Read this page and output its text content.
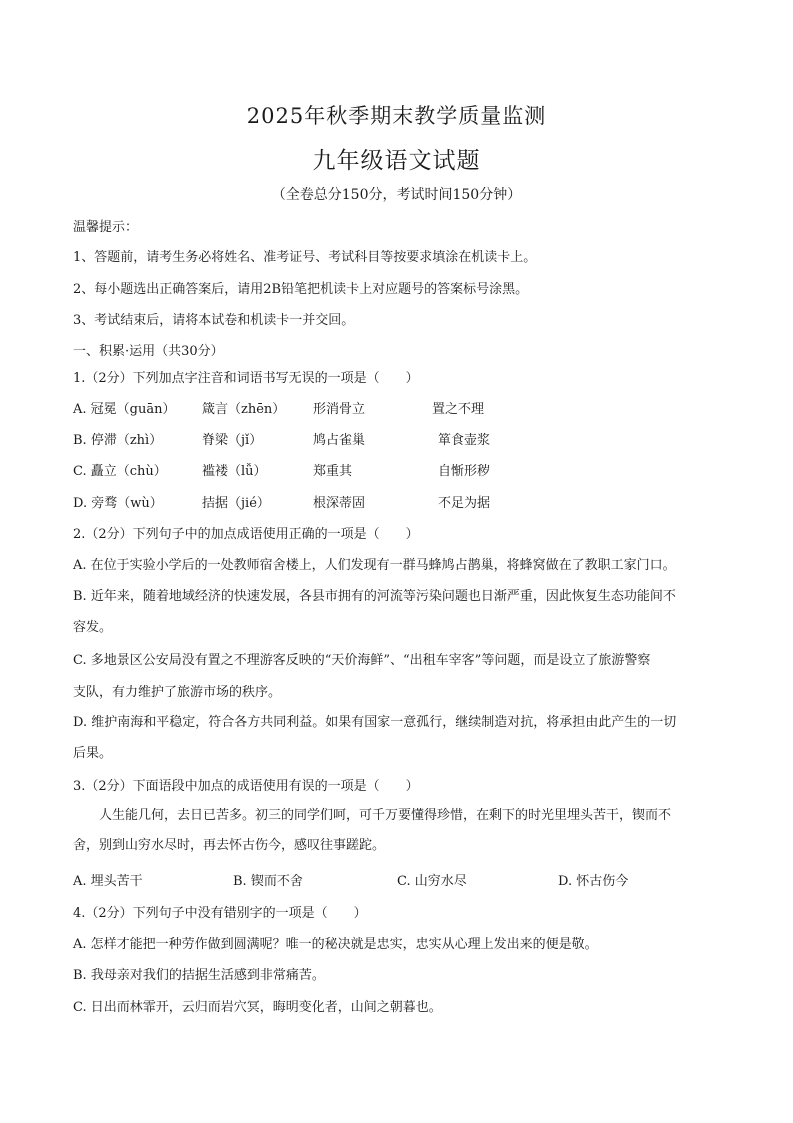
2025年秋季期末教学质量监测
九年级语文试题
（全卷总分150分，考试时间150分钟）
温馨提示：
1、答题前，请考生务必将姓名、准考证号、考试科目等按要求填涂在机读卡上。
2、每小题选出正确答案后，请用2B铅笔把机读卡上对应题号的答案标号涂黑。
3、考试结束后，请将本试卷和机读卡一并交回。
一、积累·运用（共30分）
1.（2分）下列加点字注音和词语书写无误的一项是（　　）
A. 冠冕（guān） 箴言（zhēn） 形消骨立	置之不理
B. 停滞（zhì）	脊梁（jǐ）	鸠占雀巢	箪食壶浆
C. 矗立（chù）	褴褛（lǚ）	郑重其	自惭形秽
D. 旁骛（wù）	拮据（jié）	根深蒂固	不足为据
2.（2分）下列句子中的加点成语使用正确的一项是（　　）
A. 在位于实验小学后的一处教师宿舍楼上，人们发现有一群马蜂鸠占鹊巢，将蜂窝做在了教职工家门口。
B. 近年来，随着地域经济的快速发展，各县市拥有的河流等污染问题也日渐严重，因此恢复生态功能间不
容发。
C. 多地景区公安局没有置之不理游客反映的“天价海鲜”、“出租车宰客”等问题，而是设立了旅游警察
支队，有力维护了旅游市场的秩序。
D. 维护南海和平稳定，符合各方共同利益。如果有国家一意孤行，继续制造对抗，将承担由此产生的一切
后果。
3.（2分）下面语段中加点的成语使用有误的一项是（　　）
人生能几何，去日已苦多。初三的同学们呵，可千万要懂得珍惜，在剩下的时光里埋头苦干，锲而不
舍，别到山穷水尽时，再去怀古伤今，感叹往事蹉跎。
A. 埋头苦干	B. 锲而不舍	C. 山穷水尽	D. 怀古伤今
4.（2分）下列句子中没有错别字的一项是（　　）
A. 怎样才能把一种劳作做到圆满呢？唯一的秘决就是忠实，忠实从心理上发出来的便是敬。
B. 我母亲对我们的拮据生活感到非常痛苦。
C. 日出而林霏开，云归而岩穴冥，晦明变化者，山间之朝暮也。
